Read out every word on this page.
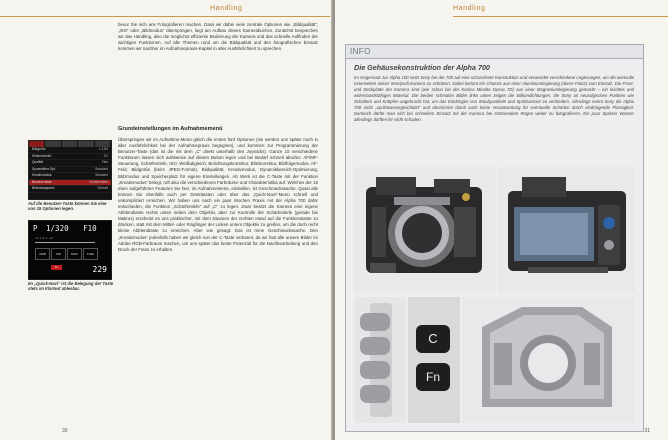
Handling

bevor Sie sich ans Fotografieren machen. Dass wir dabei viele zentrale Optionen wie „Bildqualität“, „ISO“ oder „Bildmodus“ überspringen, liegt am Aufbau dieses Kamerabuches. Zunächst besprechen wir das Handling, also die möglichst effiziente Bedienung der Kamera und das schnelle Auffinden der wichtigen Funktionen. Auf alle Themen rund um die Bildqualität und den fotografischen Einsatz kommen wir nachher im Aufnahmepraxis-Kapitel in aller Ausführlichkeit zu sprechen.

Grundeinstellungen im Aufnahmemenü

Überspringen wir im Aufnahme-Menü gleich die ersten fünf Optionen (sie werden uns später noch in aller Ausführlichkeit bei der Aufnahmepraxis begegnen), und kommen zur Programmierung der Benutzer-Taste (das ist die mit dem „C“ direkt unterhalb des Joysticks). Ganze 15 verschiedene Funktionen lassen sich wahlweise auf diesen Button legen und bei Bedarf schnell abrufen: AF/MF-Steuerung, Schärfentiefe, ISO, Weißabgleich, Belichtungskorrektur, Blitzkorrektur, Bildfolgemodus, AF-Feld, Bildgröße (beim JPEG-Format), Bildqualität, Kreativmodus, Dynamikbereich-Optimierung, Blitzmodus und Speicherplatz für eigene Einstellungen. Ab Werk ist die C-Taste mit der Funktion „Kreativmodus“ belegt, ruft also die verschiedenen Farbräume und Charakteristika auf. Welches der 15 eben aufgeführten Features Sie hier, im Aufnahmemenü, einstellen, ist Geschmackssache. Quasi alle können Sie ebenfalls auch per Direkttasten oder über das „Quick-Navi“-Menü schnell und unkompliziert erreichen. Wir haben uns nach ein paar Wochen Praxis mit der Alpha 700 dafür entschieden, die Funktion „Schärfentiefe“ auf „C“ zu legen. Zwar besitzt die Kamera eine eigene Abblendtaste rechts unten neben dem Objektiv, aber zur Kontrolle der Schärfentiefe (gerade bei Makros) erscheint es uns praktischer, mit dem Daumen der rechten Hand auf die Funktionstaste zu drücken, statt mit dem Mittel- oder Ringfinger der Linken unters Objektiv zu greifen, um die doch recht kleine Abblendtaste zu erreichen. Aber wie gesagt: Das ist reine Geschmackssache. Den „Kreativmodus“ jedenfalls haben wir gleich von der C-Taste verbannt, da wir fast alle unsere Bilder im Adobe RGB-Farbraum machen, um uns später das beste Potenzial für die Nachbearbeitung und den Druck der Fotos zu erhalten.

Bildgröße	L:12M
Seitenverhält.	3:2
Qualität	Fein
Dynamikber.Opt.	Standard
Kreativmodus	Standard
Benutzertaste	Schärfentiefe
Belichtungsschr.	Schnell
Auf die Benutzer-Taste können Sie eine von 15 Optionen legen.
P 1/320 F10
-2..1..0..1..+2
AWB	ISO	DRO	FINE
Fn	229
Im „Quick-Navi“ ist die Belegung der Taste stets im Klartext ablesbar.
30
Handling
INFO
Die Gehäusekonstruktion der Alpha 700
Im Gegensatz zur Alpha 100 setzt Sony bei der 700 auf eine schussfeste Konstruktion und verwendet verschiedene Legierungen, um die wertvolle Innenseiten seiner Semiprofi-Kamera zu schützen. Dabei kommt ein Chassis aus einer Aluminiumlegierung (obere Fotos) zum Einsatz. Die Front- und Deckplatte der Kamera sind (wie schon bei der Konica Minolta Dynax 7D) aus einer Magnesiumlegierung gemacht – ein leichtes und widerstandsfähiges Material. Die beiden schmalen Bilder links unten zeigen die Silikondichtungen, die Sony an neuralgischen Punkten wie Schaltern und Knöpfen angebracht hat, um das Eindringen von Staubpartikeln und Spritzwasser zu verhindern. Allerdings nennt Sony die Alpha 700 nicht „spritzwassergeschützt“ und übernimmt damit auch keine Verantwortung für eventuelle Schäden durch eindringende Flüssigkeit. Dennoch dürfte man sich bei schnellem Einsatz mit der Kamera bei strömendem Regen weiter zu fotografieren, Ein paar Spritzer Wasser allerdings dürften ihr nicht schaden.
C
Fn
31
